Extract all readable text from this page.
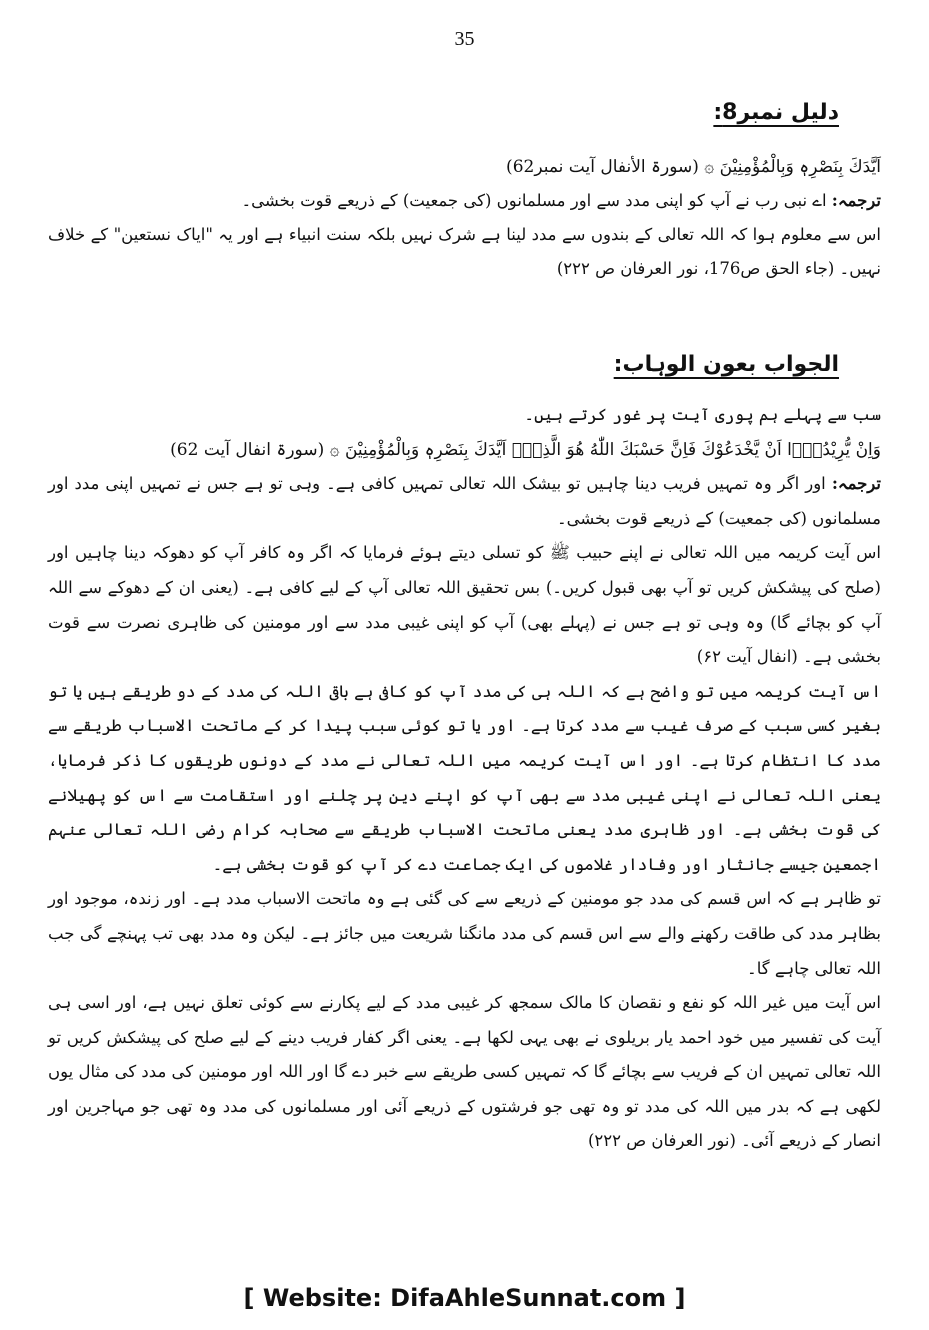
35
دلیل نمبر8:
اَیَّدَكَ بِنَصْرِهٖ وَبِالْمُؤْمِنِیْنَ ۞ (سورۃ الأنفال آیت نمبر62)
ترجمہ: اے نبی رب نے آپ کو اپنی مدد سے اور مسلمانوں (کی جمعیت) کے ذریعے قوت بخشی۔
اس سے معلوم ہوا کہ اللہ تعالی کے بندوں سے مدد لینا ہے شرک نہیں بلکہ سنت انبیاء ہے اور یہ "ایاک نستعین" کے خلاف نہیں۔ (جاء الحق ص176، نور العرفان ص ۲۲۲)
الجواب بعون الوہاب:
سب سے پہلے ہم پوری آیت پر غور کرتے ہیں۔
وَاِنْ یُّرِیْدُوْۤا اَنْ یَّخْدَعُوْكَ فَاِنَّ حَسْبَكَ اللّٰهُ هُوَ الَّذِیْۤ اَیَّدَكَ بِنَصْرِهٖ وَبِالْمُؤْمِنِیْنَ ۞ (سورۃ انفال آیت 62)
ترجمہ: اور اگر وہ تمہیں فریب دینا چاہیں تو بیشک اللہ تعالی تمہیں کافی ہے۔ وہی تو ہے جس نے تمہیں اپنی مدد اور مسلمانوں (کی جمعیت) کے ذریعے قوت بخشی۔
اس آیت کریمہ میں اللہ تعالی نے اپنے حبیب ﷺ کو تسلی دیتے ہوئے فرمایا کہ اگر وہ کافر آپ کو دھوکہ دینا چاہیں اور (صلح کی پیشکش کریں تو آپ بھی قبول کریں۔) بس تحقیق اللہ تعالی آپ کے لیے کافی ہے۔ (یعنی ان کے دھوکے سے اللہ آپ کو بچائے گا) وہ وہی تو ہے جس نے (پہلے بھی) آپ کو اپنی غیبی مدد سے اور مومنین کی ظاہری نصرت سے قوت بخشی ہے۔ (انفال آیت ۶۲)
اس آیت کریمہ میں تو واضح ہے کہ اللہ ہی کی مدد آپ کو کافی ہے باقی اللہ کی مدد کے دو طریقے ہیں یا تو بغیر کسی سبب کے صرف غیب سے مدد کرتا ہے۔ اور یا تو کوئی سبب پیدا کر کے ماتحت الاسباب طریقے سے مدد کا انتظام کرتا ہے۔ اور اس آیت کریمہ میں اللہ تعالی نے مدد کے دونوں طریقوں کا ذکر فرمایا، یعنی اللہ تعالی نے اپنی غیبی مدد سے بھی آپ کو اپنے دین پر چلنے اور استقامت سے اس کو پھیلانے کی قوت بخشی ہے۔ اور ظاہری مدد یعنی ماتحت الاسباب طریقے سے صحابہ کرام رضی اللہ تعالی عنہم اجمعین جیسے جانثار اور وفادار غلاموں کی ایک جماعت دے کر آپ کو قوت بخشی ہے۔
تو ظاہر ہے کہ اس قسم کی مدد جو مومنین کے ذریعے سے کی گئی ہے وہ ماتحت الاسباب مدد ہے۔ اور زندہ، موجود اور بظاہر مدد کی طاقت رکھنے والے سے اس قسم کی مدد مانگنا شریعت میں جائز ہے۔ لیکن وہ مدد بھی تب پہنچے گی جب اللہ تعالی چاہے گا۔
اس آیت میں غیر اللہ کو نفع و نقصان کا مالک سمجھ کر غیبی مدد کے لیے پکارنے سے کوئی تعلق نہیں ہے، اور اسی ہی آیت کی تفسیر میں خود احمد یار بریلوی نے بھی یہی لکھا ہے۔ یعنی اگر کفار فریب دینے کے لیے صلح کی پیشکش کریں تو اللہ تعالی تمہیں ان کے فریب سے بچائے گا کہ تمہیں کسی طریقے سے خبر دے گا اور اللہ اور مومنین کی مدد کی مثال یوں لکھی ہے کہ بدر میں اللہ کی مدد تو وہ تھی جو فرشتوں کے ذریعے آئی اور مسلمانوں کی مدد وہ تھی جو مہاجرین اور انصار کے ذریعے آئی۔ (نور العرفان ص ۲۲۲)
[ Website: DifaAhleSunnat.com ]
